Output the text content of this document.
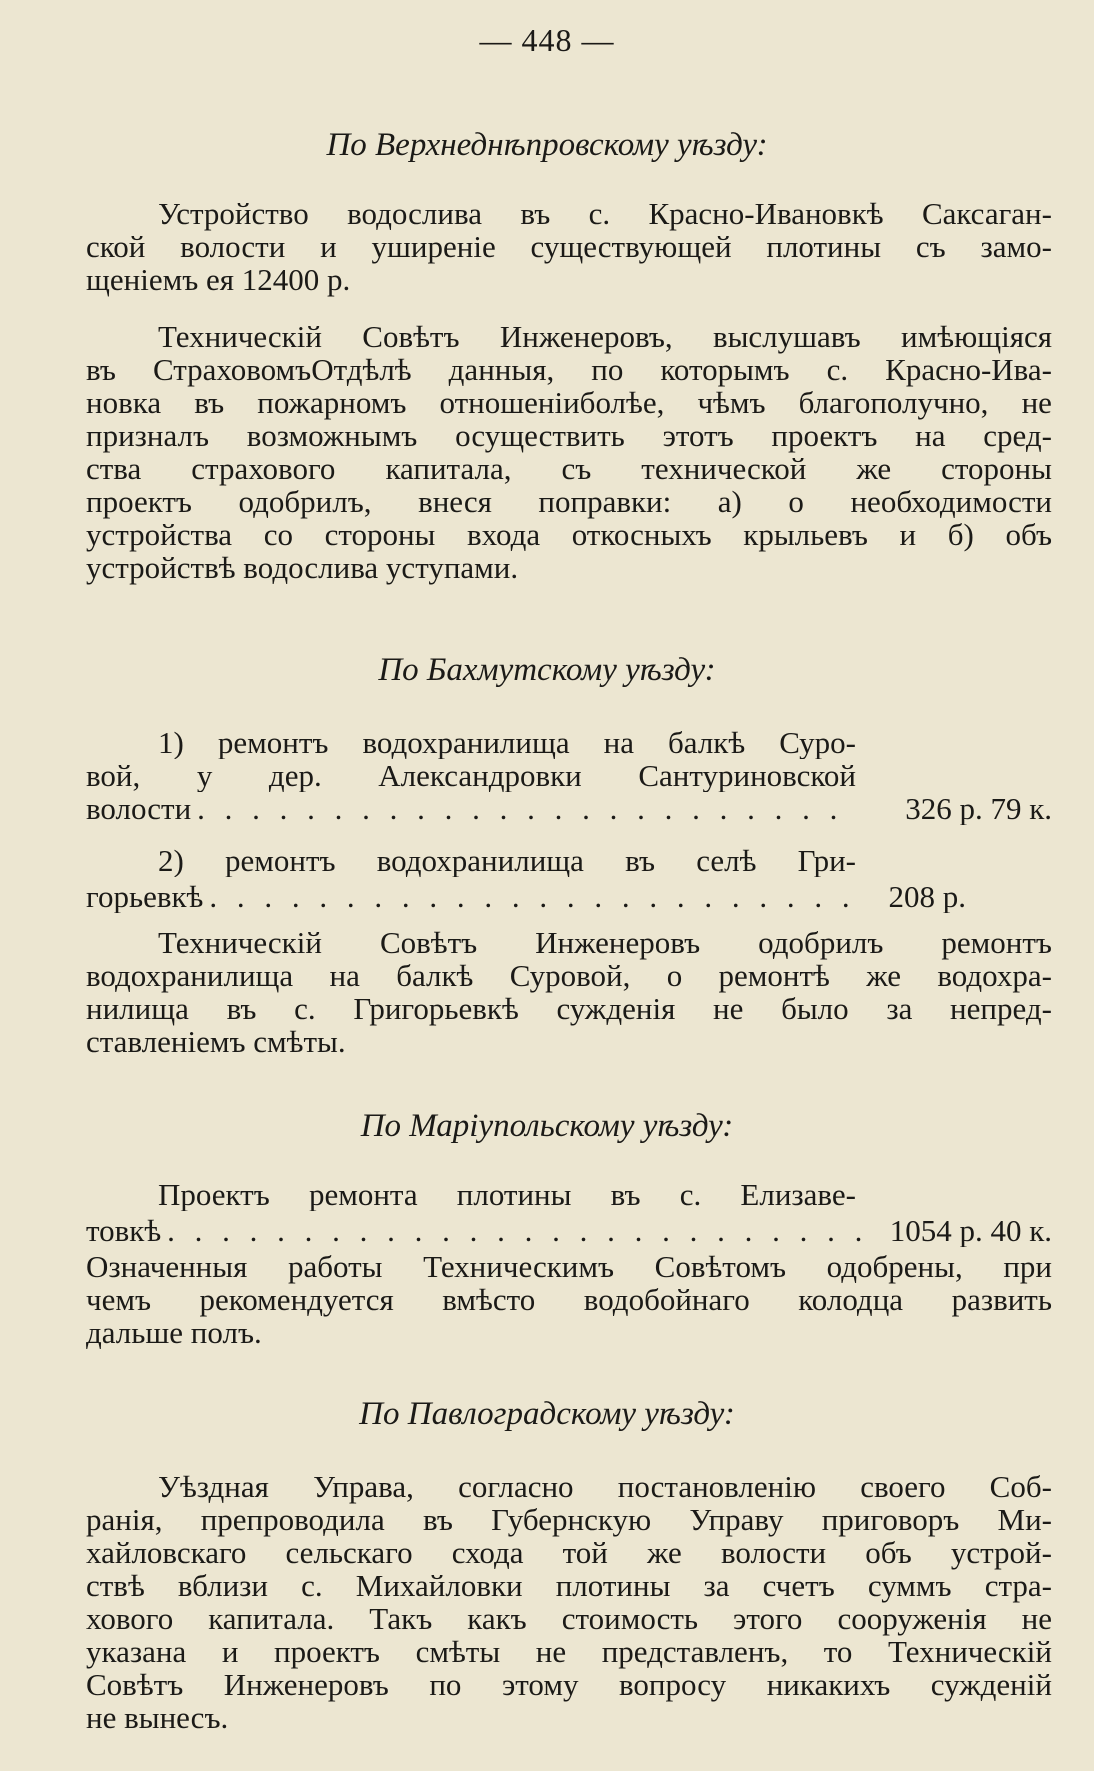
— 448 —
По Верхнеднѣпровскому уѣзду:
Устройство водослива въ с. Красно-Ивановкѣ Саксаган-
ской волости и уширеніе существующей плотины съ замо-
щеніемъ ея 12400 р.
Техническій Совѣтъ Инженеровъ, выслушавъ имѣющіяся
въ СтраховомъОтдѣлѣ данныя, по которымъ с. Красно-Ива-
новка въ пожарномъ отношеніиболѣе, чѣмъ благополучно, не
призналъ возможнымъ осуществить этотъ проектъ на сред-
ства страхового капитала, съ технической же стороны
проектъ одобрилъ, внеся поправки: а) о необходимости
устройства со стороны входа откосныхъ крыльевъ и б) объ
устройствѣ водослива уступами.
По Бахмутскому уѣзду:
1) ремонтъ водохранилища на балкѣ Суро-
вой, у дер. Александровки Сантуриновской
волости . . . . . . . . . . . . . . . . . . . . . . . .	326 р. 79 к.
2) ремонтъ водохранилища въ селѣ Гри-
горьевкѣ . . . . . . . . . . . . . . . . . . . . . . . .	208 р.
Техническій Совѣтъ Инженеровъ одобрилъ ремонтъ
водохранилища на балкѣ Суровой, о ремонтѣ же водохра-
нилища въ с. Григорьевкѣ сужденія не было за непред-
ставленіемъ смѣты.
По Маріупольскому уѣзду:
Проектъ ремонта плотины въ с. Елизаве-
товкѣ . . . . . . . . . . . . . . . . . . . . . . . . . . 1054 р. 40 к.
Означенныя работы Техническимъ Совѣтомъ одобрены, при
чемъ рекомендуется вмѣсто водобойнаго колодца развить
дальше полъ.
По Павлоградскому уѣзду:
Уѣздная Управа, согласно постановленію своего Соб-
ранія, препроводила въ Губернскую Управу приговоръ Ми-
хайловскаго сельскаго схода той же волости объ устрой-
ствѣ вблизи с. Михайловки плотины за счетъ суммъ стра-
хового капитала. Такъ какъ стоимость этого сооруженія не
указана и проектъ смѣты не представленъ, то Техническій
Совѣтъ Инженеровъ по этому вопросу никакихъ сужденій
не вынесъ.
